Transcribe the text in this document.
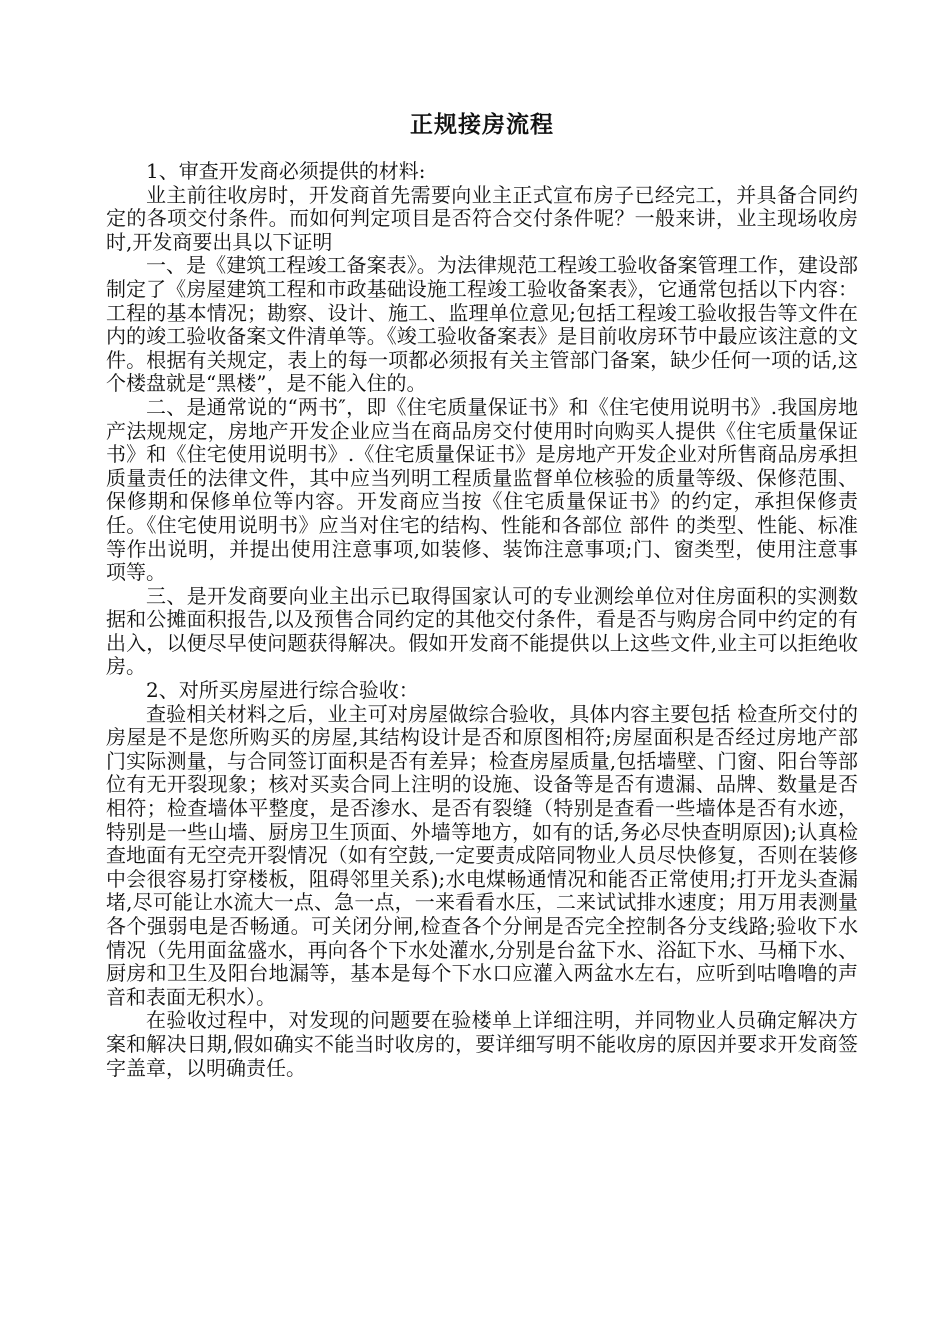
正规接房流程

1、审查开发商必须提供的材料:

业主前往收房时，开发商首先需要向业主正式宣布房子已经完工，并具备合同约定的各项交付条件。而如何判定项目是否符合交付条件呢？一般来讲，业主现场收房时,开发商要出具以下证明

一、是《建筑工程竣工备案表》。为法律规范工程竣工验收备案管理工作，建设部制定了《房屋建筑工程和市政基础设施工程竣工验收备案表》，它通常包括以下内容：工程的基本情况；勘察、设计、施工、监理单位意见;包括工程竣工验收报告等文件在内的竣工验收备案文件清单等。《竣工验收备案表》是目前收房环节中最应该注意的文件。根据有关规定，表上的每一项都必须报有关主管部门备案，缺少任何一项的话,这个楼盘就是“黑楼”，是不能入住的。

二、是通常说的“两书″，即《住宅质量保证书》和《住宅使用说明书》.我国房地产法规规定，房地产开发企业应当在商品房交付使用时向购买人提供《住宅质量保证书》和《住宅使用说明书》.《住宅质量保证书》是房地产开发企业对所售商品房承担质量责任的法律文件，其中应当列明工程质量监督单位核验的质量等级、保修范围、保修期和保修单位等内容。开发商应当按《住宅质量保证书》的约定，承担保修责任。《住宅使用说明书》应当对住宅的结构、性能和各部位 部件 的类型、性能、标准等作出说明，并提出使用注意事项,如装修、装饰注意事项;门、窗类型，使用注意事项等。

三、是开发商要向业主出示已取得国家认可的专业测绘单位对住房面积的实测数据和公摊面积报告,以及预售合同约定的其他交付条件，看是否与购房合同中约定的有出入，以便尽早使问题获得解决。假如开发商不能提供以上这些文件,业主可以拒绝收房。

2、对所买房屋进行综合验收：

查验相关材料之后，业主可对房屋做综合验收，具体内容主要包括 检查所交付的房屋是不是您所购买的房屋,其结构设计是否和原图相符;房屋面积是否经过房地产部门实际测量，与合同签订面积是否有差异；检查房屋质量,包括墙壁、门窗、阳台等部位有无开裂现象；核对买卖合同上注明的设施、设备等是否有遗漏、品牌、数量是否相符；检查墙体平整度，是否渗水、是否有裂缝（特别是查看一些墙体是否有水迹，特别是一些山墙、厨房卫生顶面、外墙等地方，如有的话,务必尽快查明原因);认真检查地面有无空壳开裂情况（如有空鼓,一定要责成陪同物业人员尽快修复，否则在装修中会很容易打穿楼板，阻碍邻里关系);水电煤畅通情况和能否正常使用;打开龙头查漏堵,尽可能让水流大一点、急一点，一来看看水压，二来试试排水速度；用万用表测量各个强弱电是否畅通。可关闭分闸,检查各个分闸是否完全控制各分支线路;验收下水情况（先用面盆盛水，再向各个下水处灌水,分别是台盆下水、浴缸下水、马桶下水、厨房和卫生及阳台地漏等，基本是每个下水口应灌入两盆水左右，应听到咕噜噜的声音和表面无积水）。

在验收过程中，对发现的问题要在验楼单上详细注明，并同物业人员确定解决方案和解决日期,假如确实不能当时收房的，要详细写明不能收房的原因并要求开发商签字盖章，以明确责任。
